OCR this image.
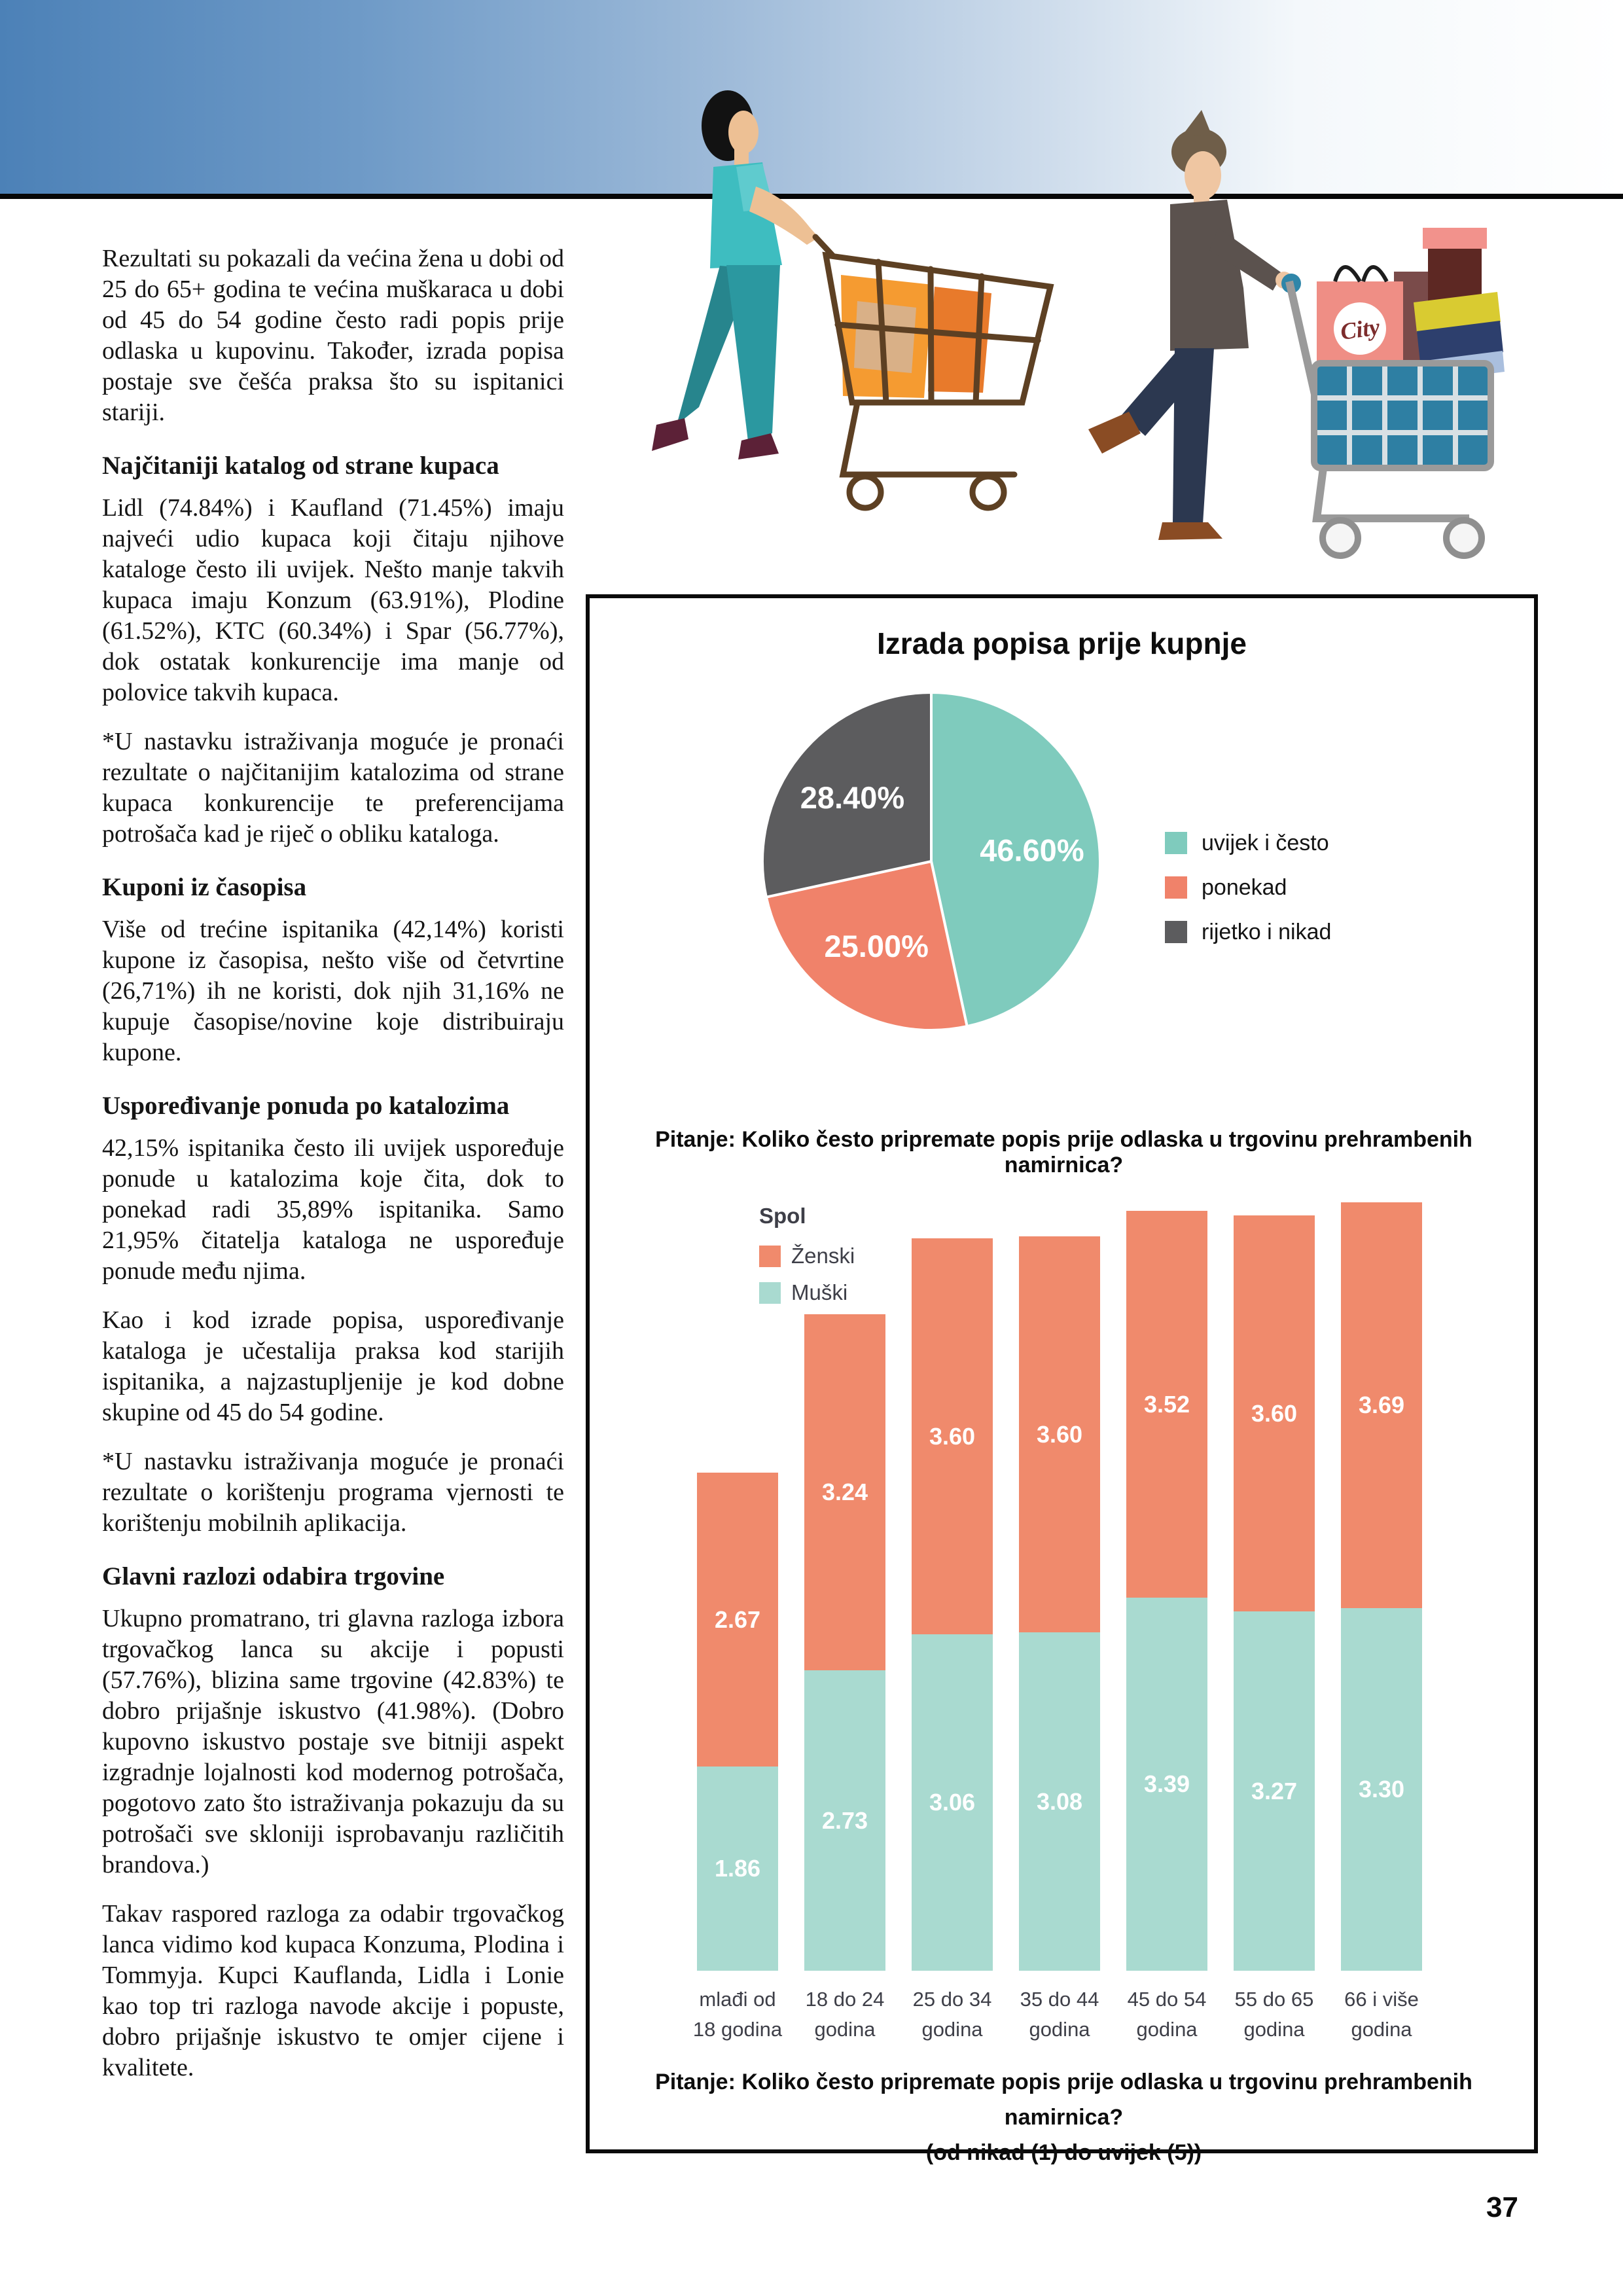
City

Rezultati su pokazali da većina žena u dobi od 25 do 65+ godina te većina muškaraca u dobi od 45 do 54 godine često radi popis prije odlaska u kupovinu. Također, izrada popisa postaje sve češća praksa što su ispitanici stariji.

Najčitaniji katalog od strane kupaca

Lidl (74.84%) i Kaufland (71.45%) imaju najveći udio kupaca koji čitaju njihove kataloge često ili uvijek. Nešto manje takvih kupaca imaju Konzum (63.91%), Plodine (61.52%), KTC (60.34%) i Spar (56.77%), dok ostatak konkurencije ima manje od polovice takvih kupaca.

*U nastavku istraživanja moguće je pronaći rezultate o najčitanijim katalozima od strane kupaca konkurencije te preferencijama potrošača kad je riječ o obliku kataloga.

Kuponi iz časopisa

Više od trećine ispitanika (42,14%) koristi kupone iz časopisa, nešto više od četvrtine (26,71%) ih ne koristi, dok njih 31,16% ne kupuje časopise/novine koje distribuiraju kupone.

Uspoređivanje ponuda po katalozima

42,15% ispitanika često ili uvijek uspoređuje ponude u katalozima koje čita, dok to ponekad radi 35,89% ispitanika. Samo 21,95% čitatelja kataloga ne uspoređuje ponude među njima.

Kao i kod izrade popisa, uspoređivanje kataloga je učestalija praksa kod starijih ispitanika, a najzastupljenije je kod dobne skupine od 45 do 54 godine.

*U nastavku istraživanja moguće je pronaći rezultate o korištenju programa vjernosti te korištenju mobilnih aplikacija.

Glavni razlozi odabira trgovine

Ukupno promatrano, tri glavna razloga izbora trgovačkog lanca su akcije i popusti (57.76%), blizina same trgovine (42.83%) te dobro prijašnje iskustvo (41.98%). (Dobro kupovno iskustvo postaje sve bitniji aspekt izgradnje lojalnosti kod modernog potrošača, pogotovo zato što istraživanja pokazuju da su potrošači sve skloniji isprobavanju različitih brandova.)

Takav raspored razloga za odabir trgovačkog lanca vidimo kod kupaca Konzuma, Plodina i Tommyja. Kupci Kauflanda, Lidla i Lonie kao top tri razloga navode akcije i popuste, dobro prijašnje iskustvo te omjer cijene i kvalitete.

Izrada popisa prije kupnje
46.60%
25.00%
28.40%
uvijek i često
ponekad
rijetko i nikad
Pitanje: Koliko često pripremate popis prije odlaska u trgovinu prehrambenih namirnica?
2.67
1.86
mlađi od
18 godina
3.24
2.73
18 do 24
godina
3.60
3.06
25 do 34
godina
3.60
3.08
35 do 44
godina
3.52
3.39
45 do 54
godina
3.60
3.27
55 do 65
godina
3.69
3.30
66 i više
godina
Spol
Ženski
Muški
Pitanje: Koliko često pripremate popis prije odlaska u trgovinu prehrambenih namirnica?
(od nikad (1) do uvijek (5))
37
